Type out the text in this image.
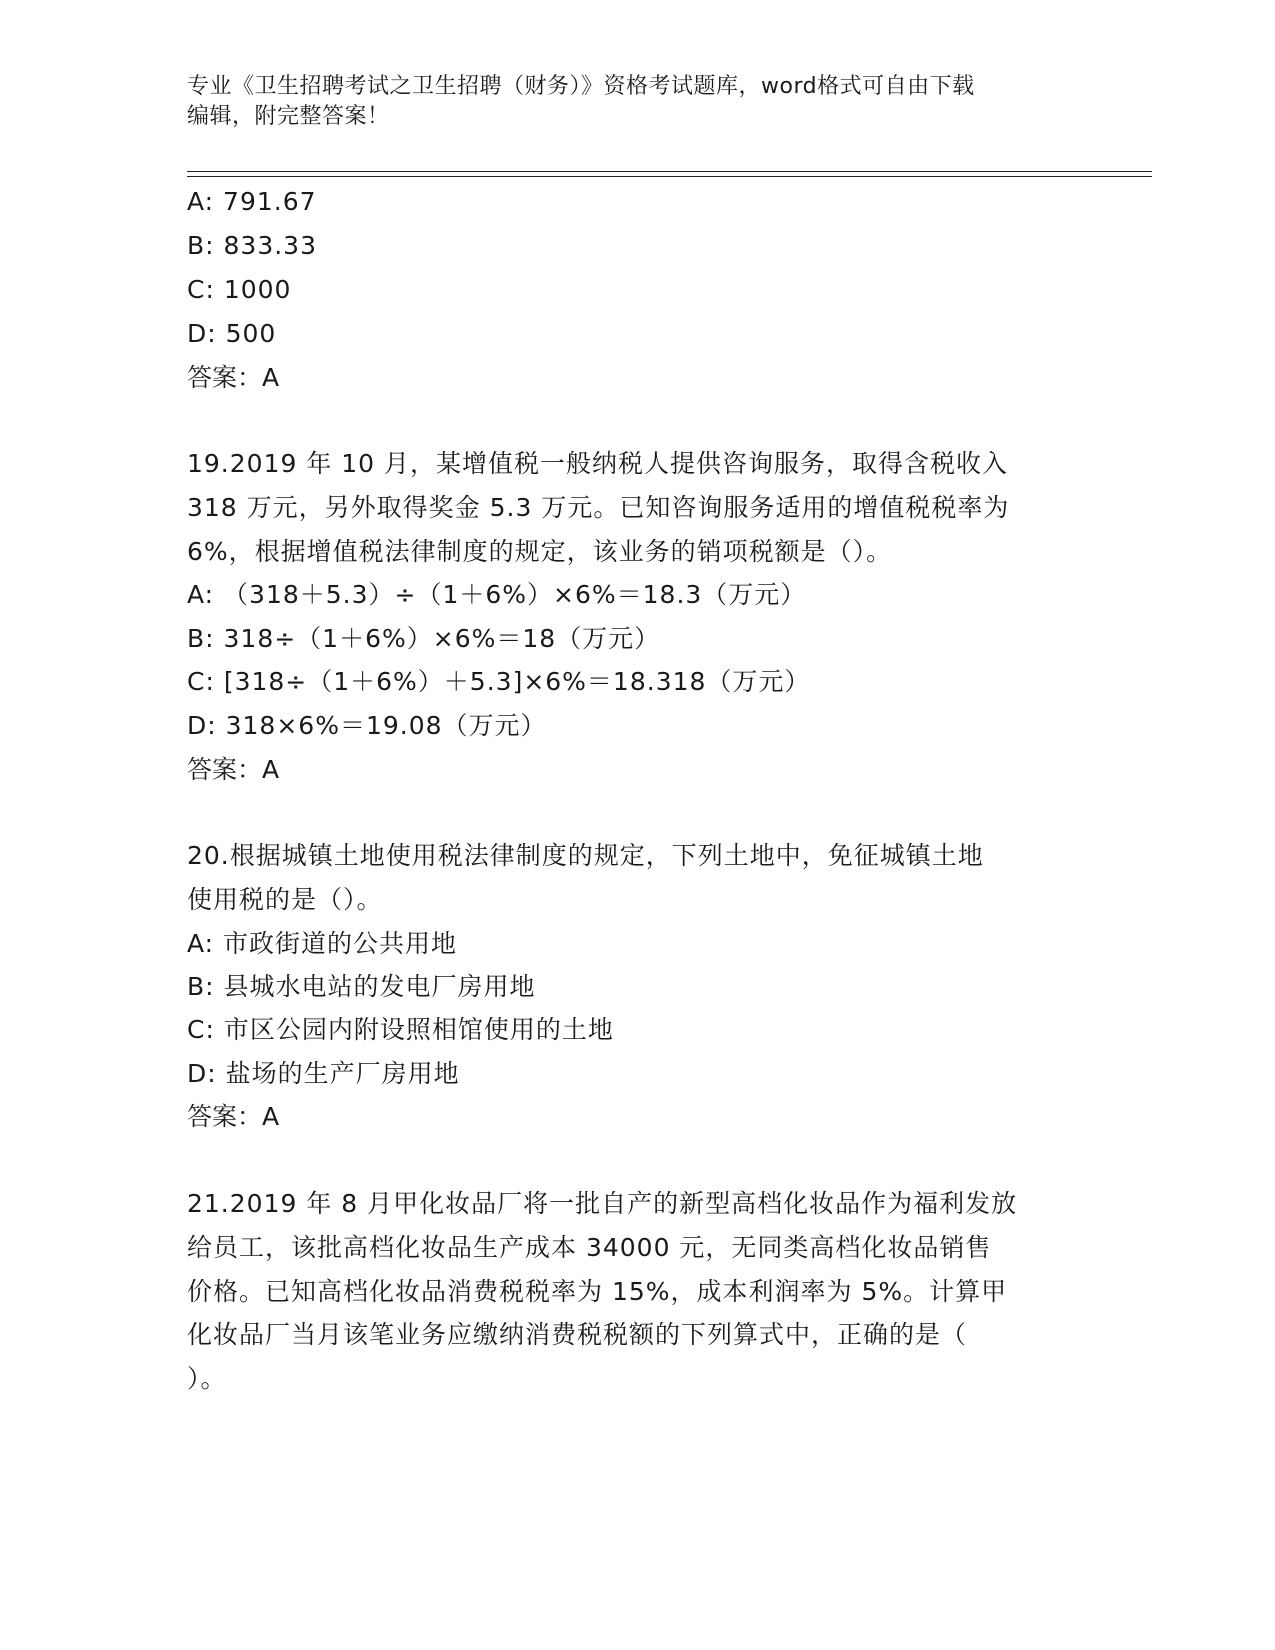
专业《卫生招聘考试之卫生招聘（财务）》资格考试题库，word格式可自由下载
编辑，附完整答案！
A: 791.67
B: 833.33
C: 1000
D: 500
答案：A
19.2019 年 10 月，某增值税一般纳税人提供咨询服务，取得含税收入
318 万元，另外取得奖金 5.3 万元。已知咨询服务适用的增值税税率为
6%，根据增值税法律制度的规定，该业务的销项税额是（）。
A: （318＋5.3）÷（1＋6%）×6%＝18.3（万元）
B: 318÷（1＋6%）×6%＝18（万元）
C: [318÷（1＋6%）＋5.3]×6%＝18.318（万元）
D: 318×6%＝19.08（万元）
答案：A
20.根据城镇土地使用税法律制度的规定，下列土地中，免征城镇土地
使用税的是（）。
A: 市政街道的公共用地
B: 县城水电站的发电厂房用地
C: 市区公园内附设照相馆使用的土地
D: 盐场的生产厂房用地
答案：A
21.2019 年 8 月甲化妆品厂将一批自产的新型高档化妆品作为福利发放
给员工，该批高档化妆品生产成本 34000 元，无同类高档化妆品销售
价格。已知高档化妆品消费税税率为 15%，成本利润率为 5%。计算甲
化妆品厂当月该笔业务应缴纳消费税税额的下列算式中，正确的是（
）。
